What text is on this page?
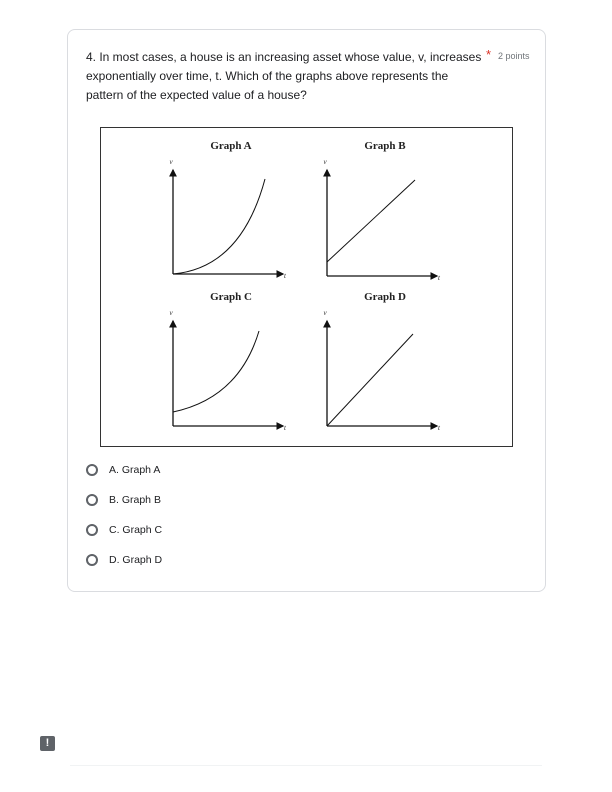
4. In most cases, a house is an increasing asset whose value, v, increases exponentially over time, t. Which of the graphs above represents the pattern of the expected value of a house?
* 2 points
Graph A
v
t
Graph B
v
t
Graph C
v
t
Graph D
v
t
A. Graph A
B. Graph B
C. Graph C
D. Graph D
!
